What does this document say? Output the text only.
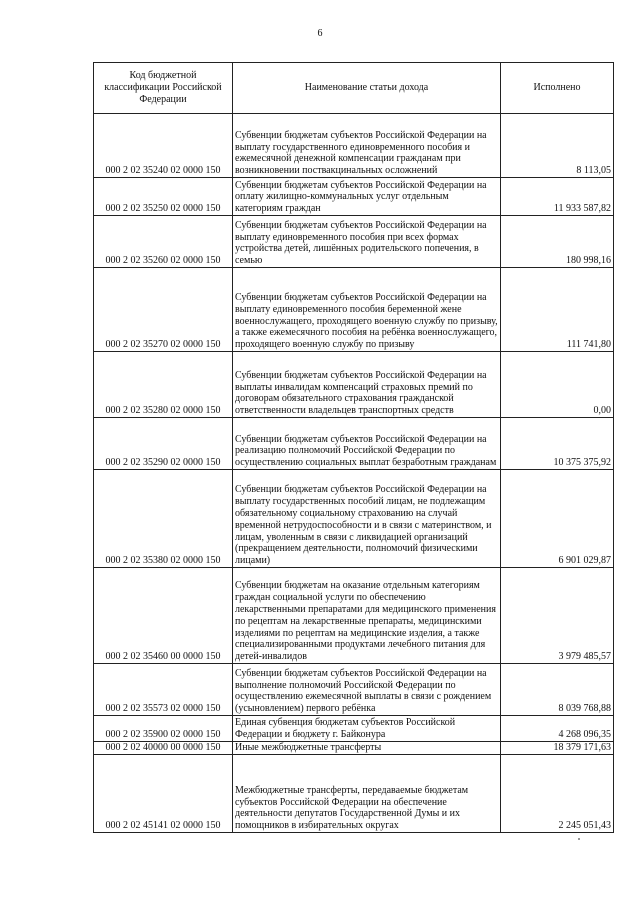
6
Код бюджетной классификации Российской Федерации	Наименование статьи дохода	Исполнено
000 2 02 35240 02 0000 150	Субвенции бюджетам субъектов Российской Федерации на выплату государственного единовременного пособия и ежемесячной денежной компенсации гражданам при возникновении поствакцинальных осложнений	8 113,05
000 2 02 35250 02 0000 150	Субвенции бюджетам субъектов Российской Федерации на оплату жилищно-коммунальных услуг отдельным категориям граждан	11 933 587,82
000 2 02 35260 02 0000 150	Субвенции бюджетам субъектов Российской Федерации на выплату единовременного пособия при всех формах устройства детей, лишённых родительского попечения, в семью	180 998,16
000 2 02 35270 02 0000 150	Субвенции бюджетам субъектов Российской Федерации на выплату единовременного пособия беременной жене военнослужащего, проходящего военную службу по призыву, а также ежемесячного пособия на ребёнка военнослужащего, проходящего военную службу по призыву	111 741,80
000 2 02 35280 02 0000 150	Субвенции бюджетам субъектов Российской Федерации на выплаты инвалидам компенсаций страховых премий по договорам обязательного страхования гражданской ответственности владельцев транспортных средств	0,00
000 2 02 35290 02 0000 150	Субвенции бюджетам субъектов Российской Федерации на реализацию полномочий Российской Федерации по осуществлению социальных выплат безработным гражданам	10 375 375,92
000 2 02 35380 02 0000 150	Субвенции бюджетам субъектов Российской Федерации на выплату государственных пособий лицам, не подлежащим обязательному социальному страхованию на случай временной нетрудоспособности и в связи с материнством, и лицам, уволенным в связи с ликвидацией организаций (прекращением деятельности, полномочий физическими лицами)	6 901 029,87
000 2 02 35460 00 0000 150	Субвенции бюджетам на оказание отдельным категориям граждан социальной услуги по обеспечению лекарственными препаратами для медицинского применения по рецептам на лекарственные препараты, медицинскими изделиями по рецептам на медицинские изделия, а также специализированными продуктами лечебного питания для детей-инвалидов	3 979 485,57
000 2 02 35573 02 0000 150	Субвенции бюджетам субъектов Российской Федерации на выполнение полномочий Российской Федерации по осуществлению ежемесячной выплаты в связи с рождением (усыновлением) первого ребёнка	8 039 768,88
000 2 02 35900 02 0000 150	Единая субвенция бюджетам субъектов Российской Федерации и бюджету г. Байконура	4 268 096,35
000 2 02 40000 00 0000 150	Иные межбюджетные трансферты	18 379 171,63
000 2 02 45141 02 0000 150	Межбюджетные трансферты, передаваемые бюджетам субъектов Российской Федерации на обеспечение деятельности депутатов Государственной Думы и их помощников в избирательных округах	2 245 051,43
